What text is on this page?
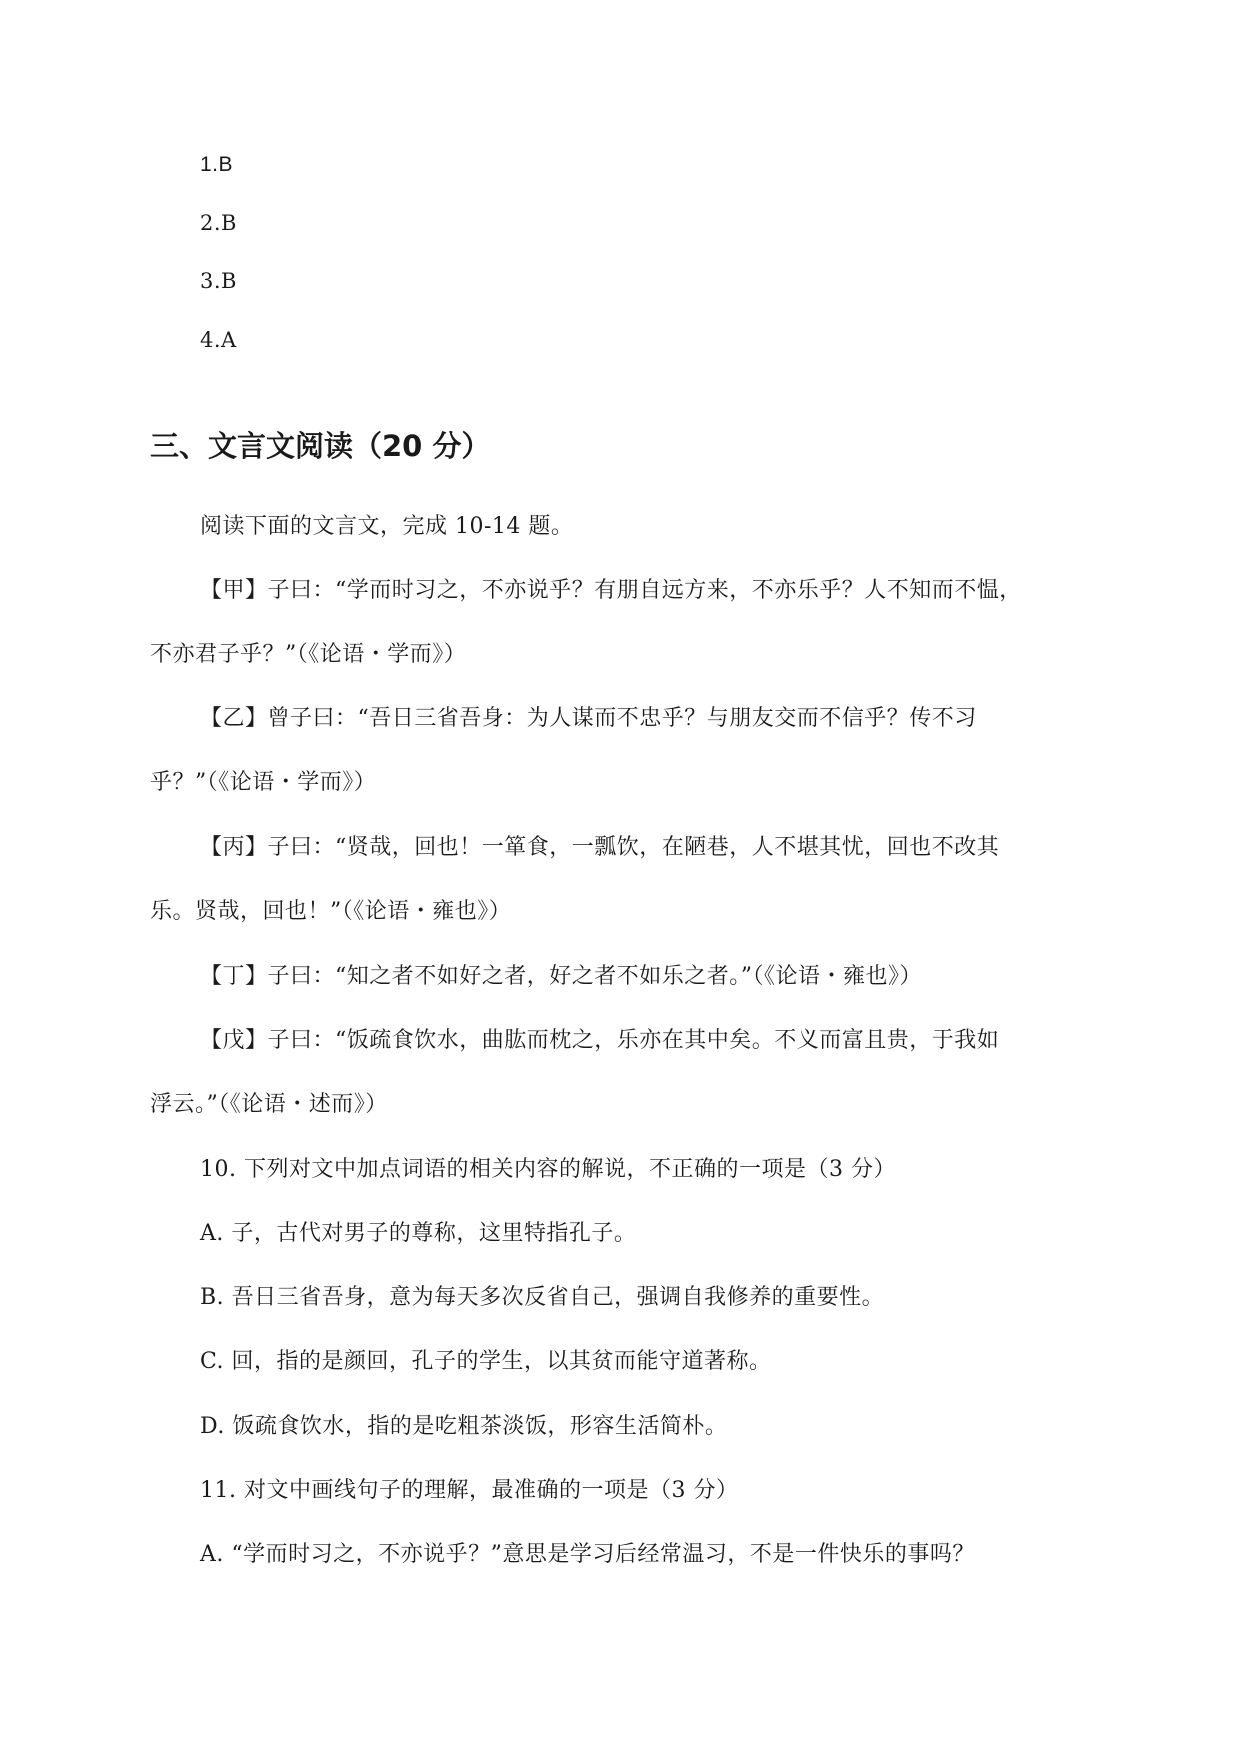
1.B
2.B
3.B
4.A
三、文言文阅读（20 分）
阅读下面的文言文，完成 10-14 题。
【甲】子曰：“学而时习之，不亦说乎？有朋自远方来，不亦乐乎？人不知而不愠，
不亦君子乎？”（《论语・学而》）
【乙】曾子曰：“吾日三省吾身：为人谋而不忠乎？与朋友交而不信乎？传不习
乎？”（《论语・学而》）
【丙】子曰：“贤哉，回也！一箪食，一瓢饮，在陋巷，人不堪其忧，回也不改其
乐。贤哉，回也！”（《论语・雍也》）
【丁】子曰：“知之者不如好之者，好之者不如乐之者。”（《论语・雍也》）
【戊】子曰：“饭疏食饮水，曲肱而枕之，乐亦在其中矣。不义而富且贵，于我如
浮云。”（《论语・述而》）
10. 下列对文中加点词语的相关内容的解说，不正确的一项是（3 分）
A. 子，古代对男子的尊称，这里特指孔子。
B. 吾日三省吾身，意为每天多次反省自己，强调自我修养的重要性。
C. 回，指的是颜回，孔子的学生，以其贫而能守道著称。
D. 饭疏食饮水，指的是吃粗茶淡饭，形容生活简朴。
11. 对文中画线句子的理解，最准确的一项是（3 分）
A. “学而时习之，不亦说乎？”意思是学习后经常温习，不是一件快乐的事吗？
